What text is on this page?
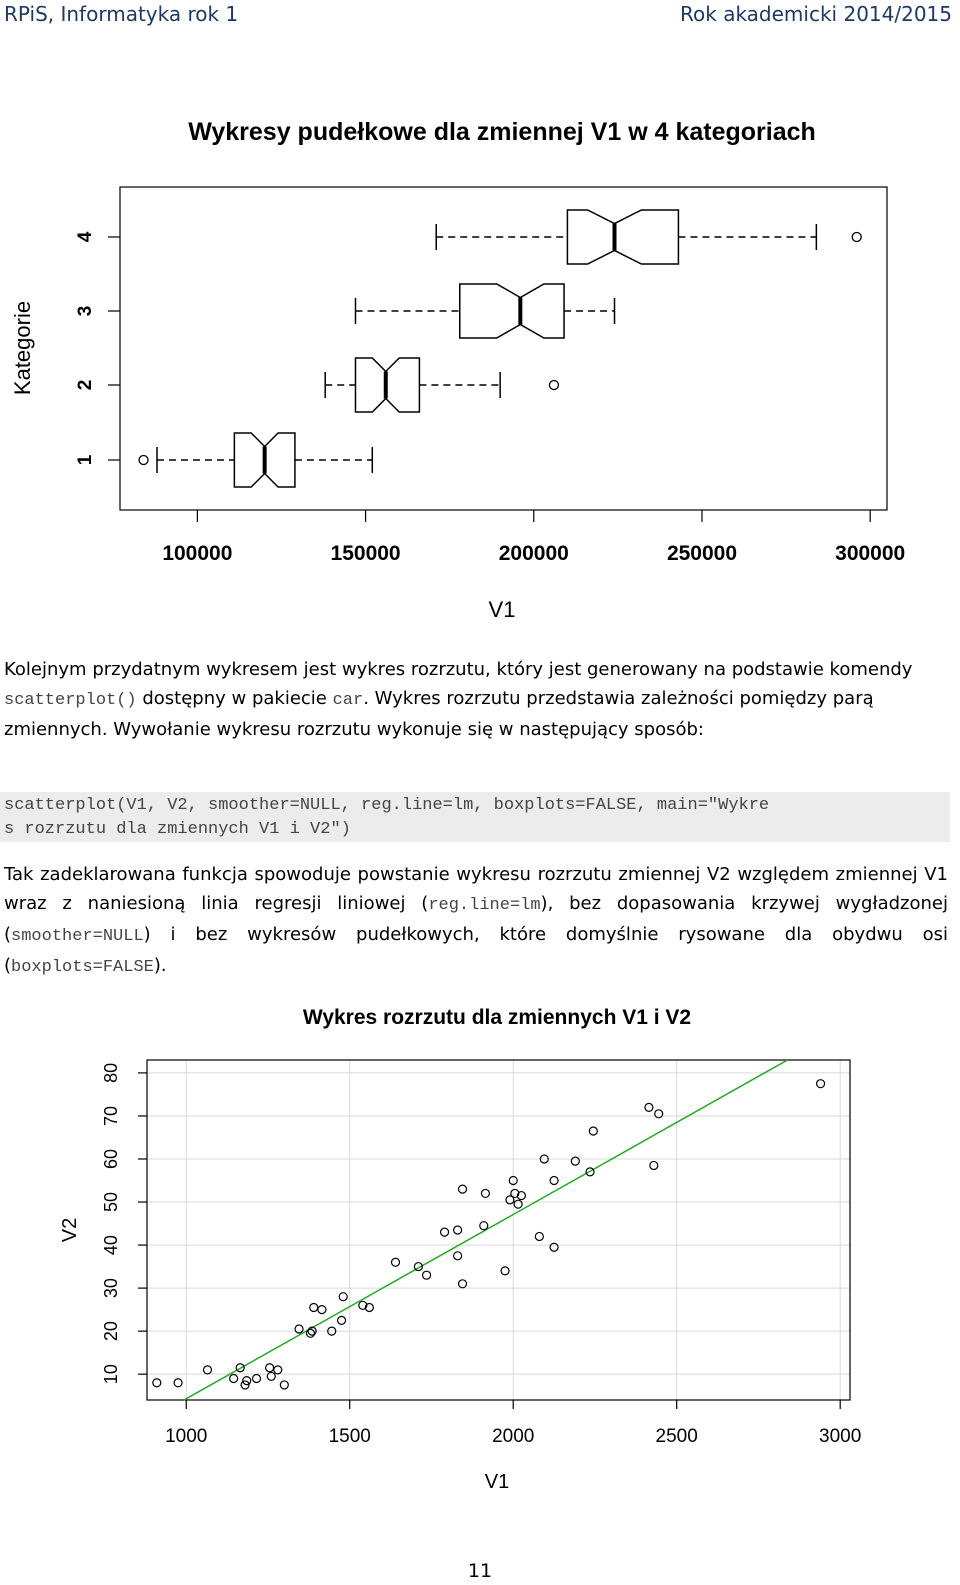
RPiS, Informatyka rok 1	Rok akademicki 2014/2015
Wykresy pudełkowe dla zmiennej V1 w 4 kategoriach
100000	150000	200000	250000	300000
V1
Kategorie
1
2
3
4

Kolejnym przydatnym wykresem jest wykres rozrzutu, który jest generowany na podstawie komendy scatterplot() dostępny w pakiecie car. Wykres rozrzutu przedstawia zależności pomiędzy parą zmiennych. Wywołanie wykresu rozrzutu wykonuje się w następujący sposób:

scatterplot(V1, V2, smoother=NULL, reg.line=lm, boxplots=FALSE, main="Wykre
s rozrzutu dla zmiennych V1 i V2")

Tak zadeklarowana funkcja spowoduje powstanie wykresu rozrzutu zmiennej V2 względem zmiennej V1 wraz z naniesioną linia regresji liniowej (reg.line=lm), bez dopasowania krzywej wygładzonej (smoother=NULL) i bez wykresów pudełkowych, które domyślnie rysowane dla obydwu osi (boxplots=FALSE).

Wykres rozrzutu dla zmiennych V1 i V2
1000	1500	2000	2500	3000
10
20
30
40
50
60
70
80
V1
V2
11
